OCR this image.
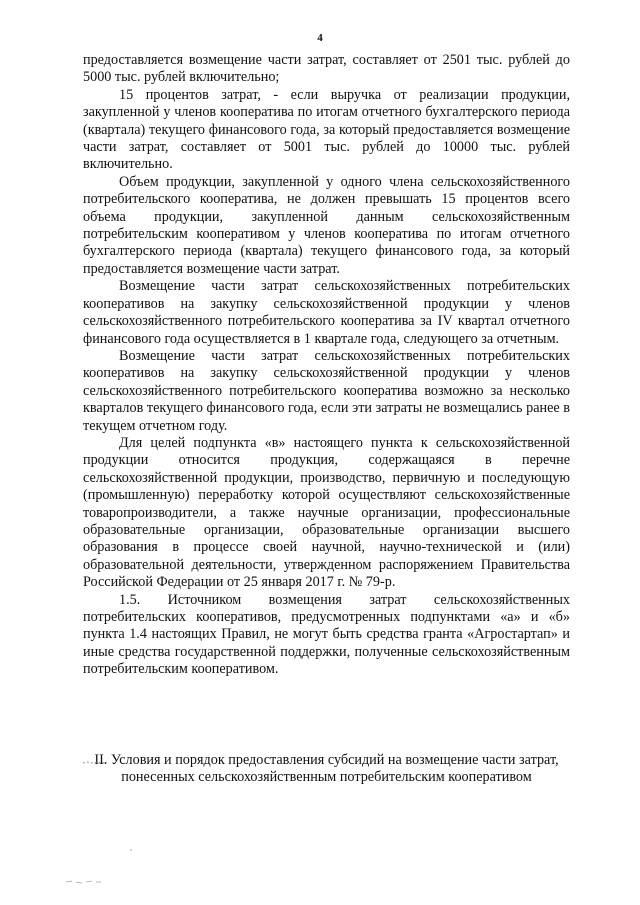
4

предоставляется возмещение части затрат, составляет от 2501 тыс. рублей до 5000 тыс. рублей включительно;

15 процентов затрат, - если выручка от реализации продукции, закупленной у членов кооператива по итогам отчетного бухгалтерского периода (квартала) текущего финансового года, за который предоставляется возмещение части затрат, составляет от 5001 тыс. рублей до 10000 тыс. рублей включительно.

Объем продукции, закупленной у одного члена сельскохозяйственного потребительского кооператива, не должен превышать 15 процентов всего объема продукции, закупленной данным сельскохозяйственным потребительским кооперативом у членов кооператива по итогам отчетного бухгалтерского периода (квартала) текущего финансового года, за который предоставляется возмещение части затрат.

Возмещение части затрат сельскохозяйственных потребительских кооперативов на закупку сельскохозяйственной продукции у членов сельскохозяйственного потребительского кооператива за IV квартал отчетного финансового года осуществляется в 1 квартале года, следующего за отчетным.

Возмещение части затрат сельскохозяйственных потребительских кооперативов на закупку сельскохозяйственной продукции у членов сельскохозяйственного потребительского кооператива возможно за несколько кварталов текущего финансового года, если эти затраты не возмещались ранее в текущем отчетном году.

Для целей подпункта «в» настоящего пункта к сельскохозяйственной продукции относится продукция, содержащаяся в перечне сельскохозяйственной продукции, производство, первичную и последующую (промышленную) переработку которой осуществляют сельскохозяйственные товаропроизводители, а также научные организации, профессиональные образовательные организации, образовательные организации высшего образования в процессе своей научной, научно-технической и (или) образовательной деятельности, утвержденном распоряжением Правительства Российской Федерации от 25 января 2017 г. № 79-р.

1.5. Источником возмещения затрат сельскохозяйственных потребительских кооперативов, предусмотренных подпунктами «а» и «б» пункта 1.4 настоящих Правил, не могут быть средства гранта «Агростартап» и иные средства государственной поддержки, полученные сельскохозяйственным потребительским кооперативом.

II. Условия и порядок предоставления субсидий на возмещение части затрат, понесенных сельскохозяйственным потребительским кооперативом
